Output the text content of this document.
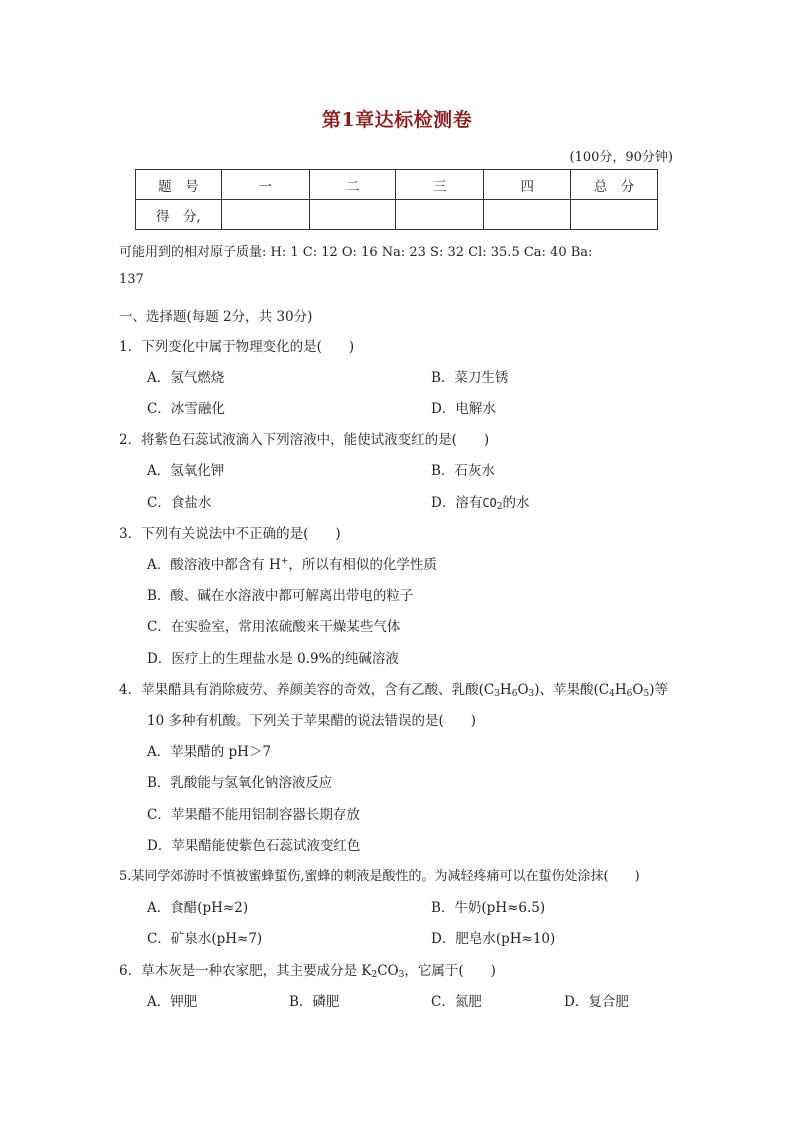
第1章达标检测卷
(100分，90分钟)
题　号	一	二	三	四	总　分
得　分,					
可能用到的相对原子质量: H: 1 C: 12 O: 16 Na: 23 S: 32 Cl: 35.5 Ca: 40 Ba:
137
一、选择题(每题 2分，共 30分)
1．下列变化中属于物理变化的是(　　)
A．氢气燃烧	B．菜刀生锈
C．冰雪融化	D．电解水
2．将紫色石蕊试液滴入下列溶液中，能使试液变红的是(　　)
A．氢氧化钾	B．石灰水
C．食盐水	D．溶有$CO_2$的水
3．下列有关说法中不正确的是(　　)
A．酸溶液中都含有 H+，所以有相似的化学性质
B．酸、碱在水溶液中都可解离出带电的粒子
C．在实验室，常用浓硫酸来干燥某些气体
D．医疗上的生理盐水是 0.9%的纯碱溶液
4．苹果醋具有消除疲劳、养颜美容的奇效，含有乙酸、乳酸$(C_3H_6O_3)$、苹果酸$(C_4H_6O_5)$等
10 多种有机酸。下列关于苹果醋的说法错误的是(　　)
A．苹果醋的 pH＞7
B．乳酸能与氢氧化钠溶液反应
C．苹果醋不能用铝制容器长期存放
D．苹果醋能使紫色石蕊试液变红色
5.某同学郊游时不慎被蜜蜂蜇伤,蜜蜂的刺液是酸性的。为减轻疼痛可以在蜇伤处涂抹(　　)
A．食醋(pH≈2)	B．牛奶(pH≈6.5)
C．矿泉水(pH≈7)	D．肥皂水(pH≈10)
6．草木灰是一种农家肥，其主要成分是 $K_2CO_3$，它属于(　　)
A．钾肥	B．磷肥	C．氮肥	D．复合肥
